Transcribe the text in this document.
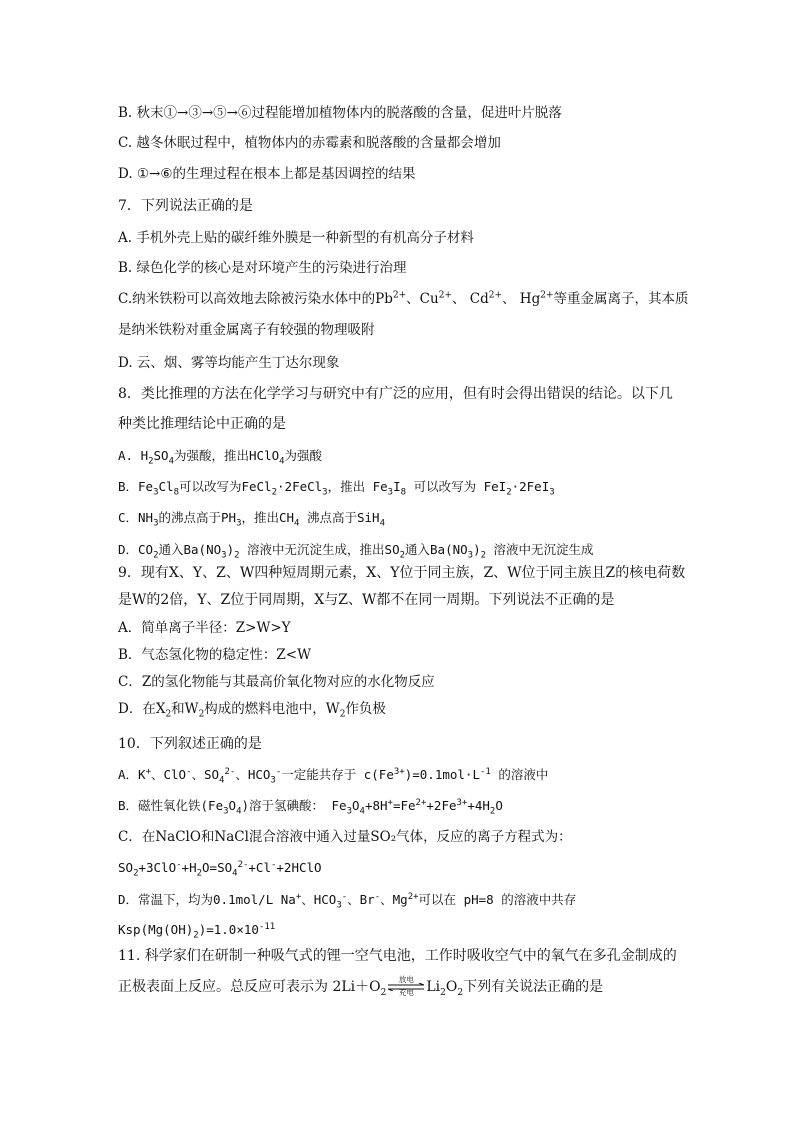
B. 秋末①→③→⑤→⑥过程能增加植物体内的脱落酸的含量，促进叶片脱落
C. 越冬休眠过程中，植物体内的赤霉素和脱落酸的含量都会增加
D. ①→⑥的生理过程在根本上都是基因调控的结果
7．下列说法正确的是
A. 手机外壳上贴的碳纤维外膜是一种新型的有机高分子材料
B. 绿色化学的核心是对环境产生的污染进行治理
C.纳米铁粉可以高效地去除被污染水体中的$Pb^{2+}$、$Cu^{2+}$、 $Cd^{2+}$、 $Hg^{2+}$等重金属离子，其本质
是纳米铁粉对重金属离子有较强的物理吸附
D. 云、烟、雾等均能产生丁达尔现象
8．类比推理的方法在化学学习与研究中有广泛的应用，但有时会得出错误的结论。以下几
种类比推理结论中正确的是
A. $H_2SO_4$为强酸，推出HClO$_4$为强酸
B．$Fe_3Cl_8$可以改写为FeCl$_2$·2FeCl$_3$，推出 $Fe_3I_8$ 可以改写为 FeI$_2$·2FeI$_3$
C．$NH_3$的沸点高于$PH_3$，推出$CH_4$ 沸点高于SiH$_4$
D．$CO_2$通入$Ba(NO_3)_2$ 溶液中无沉淀生成，推出$SO_2$通入$Ba(NO_3)_2$ 溶液中无沉淀生成
9．现有X、Y、Z、W四种短周期元素，X、Y位于同主族，Z、W位于同主族且Z的核电荷数
是W的2倍，Y、Z位于同周期，X与Z、W都不在同一周期。下列说法不正确的是
A．简单离子半径：Z>W>Y
B．气态氢化物的稳定性：Z<W
C．Z的氢化物能与其最高价氧化物对应的水化物反应
D．在$X_2$和$W_2$构成的燃料电池中，$W_2$作负极
10．下列叙述正确的是
A．K+、ClO-、$SO_4^{2-}$、$HCO_3^-$一定能共存于 $c(Fe^{3+})=0.1mol\cdot L^{-1}$ 的溶液中
B．磁性氧化铁$(Fe_3O_4)$溶于氢碘酸： $Fe_3O_4+8H^+=Fe^{2+}+2Fe^{3+}+4H_2O$
C．在NaClO和NaCl混合溶液中通入过量SO₂气体，反应的离子方程式为：
$SO_2+3ClO^-+H_2O=SO_4^{2-}+Cl^-+2HClO$
D．常温下，均为0.1mol/L Na+、$HCO_3^-$、Br-、$Mg^{2+}$可以在 pH=8 的溶液中共存
$Ksp(Mg(OH)_2)=1.0\times 10^{-11}$
11. 科学家们在研制一种吸气式的锂一空气电池，工作时吸收空气中的氧气在多孔金制成的
正极表面上反应。总反应可表示为 $2Li+O_2$
放电
充电 $Li_2O_2$下列有关说法正确的是
